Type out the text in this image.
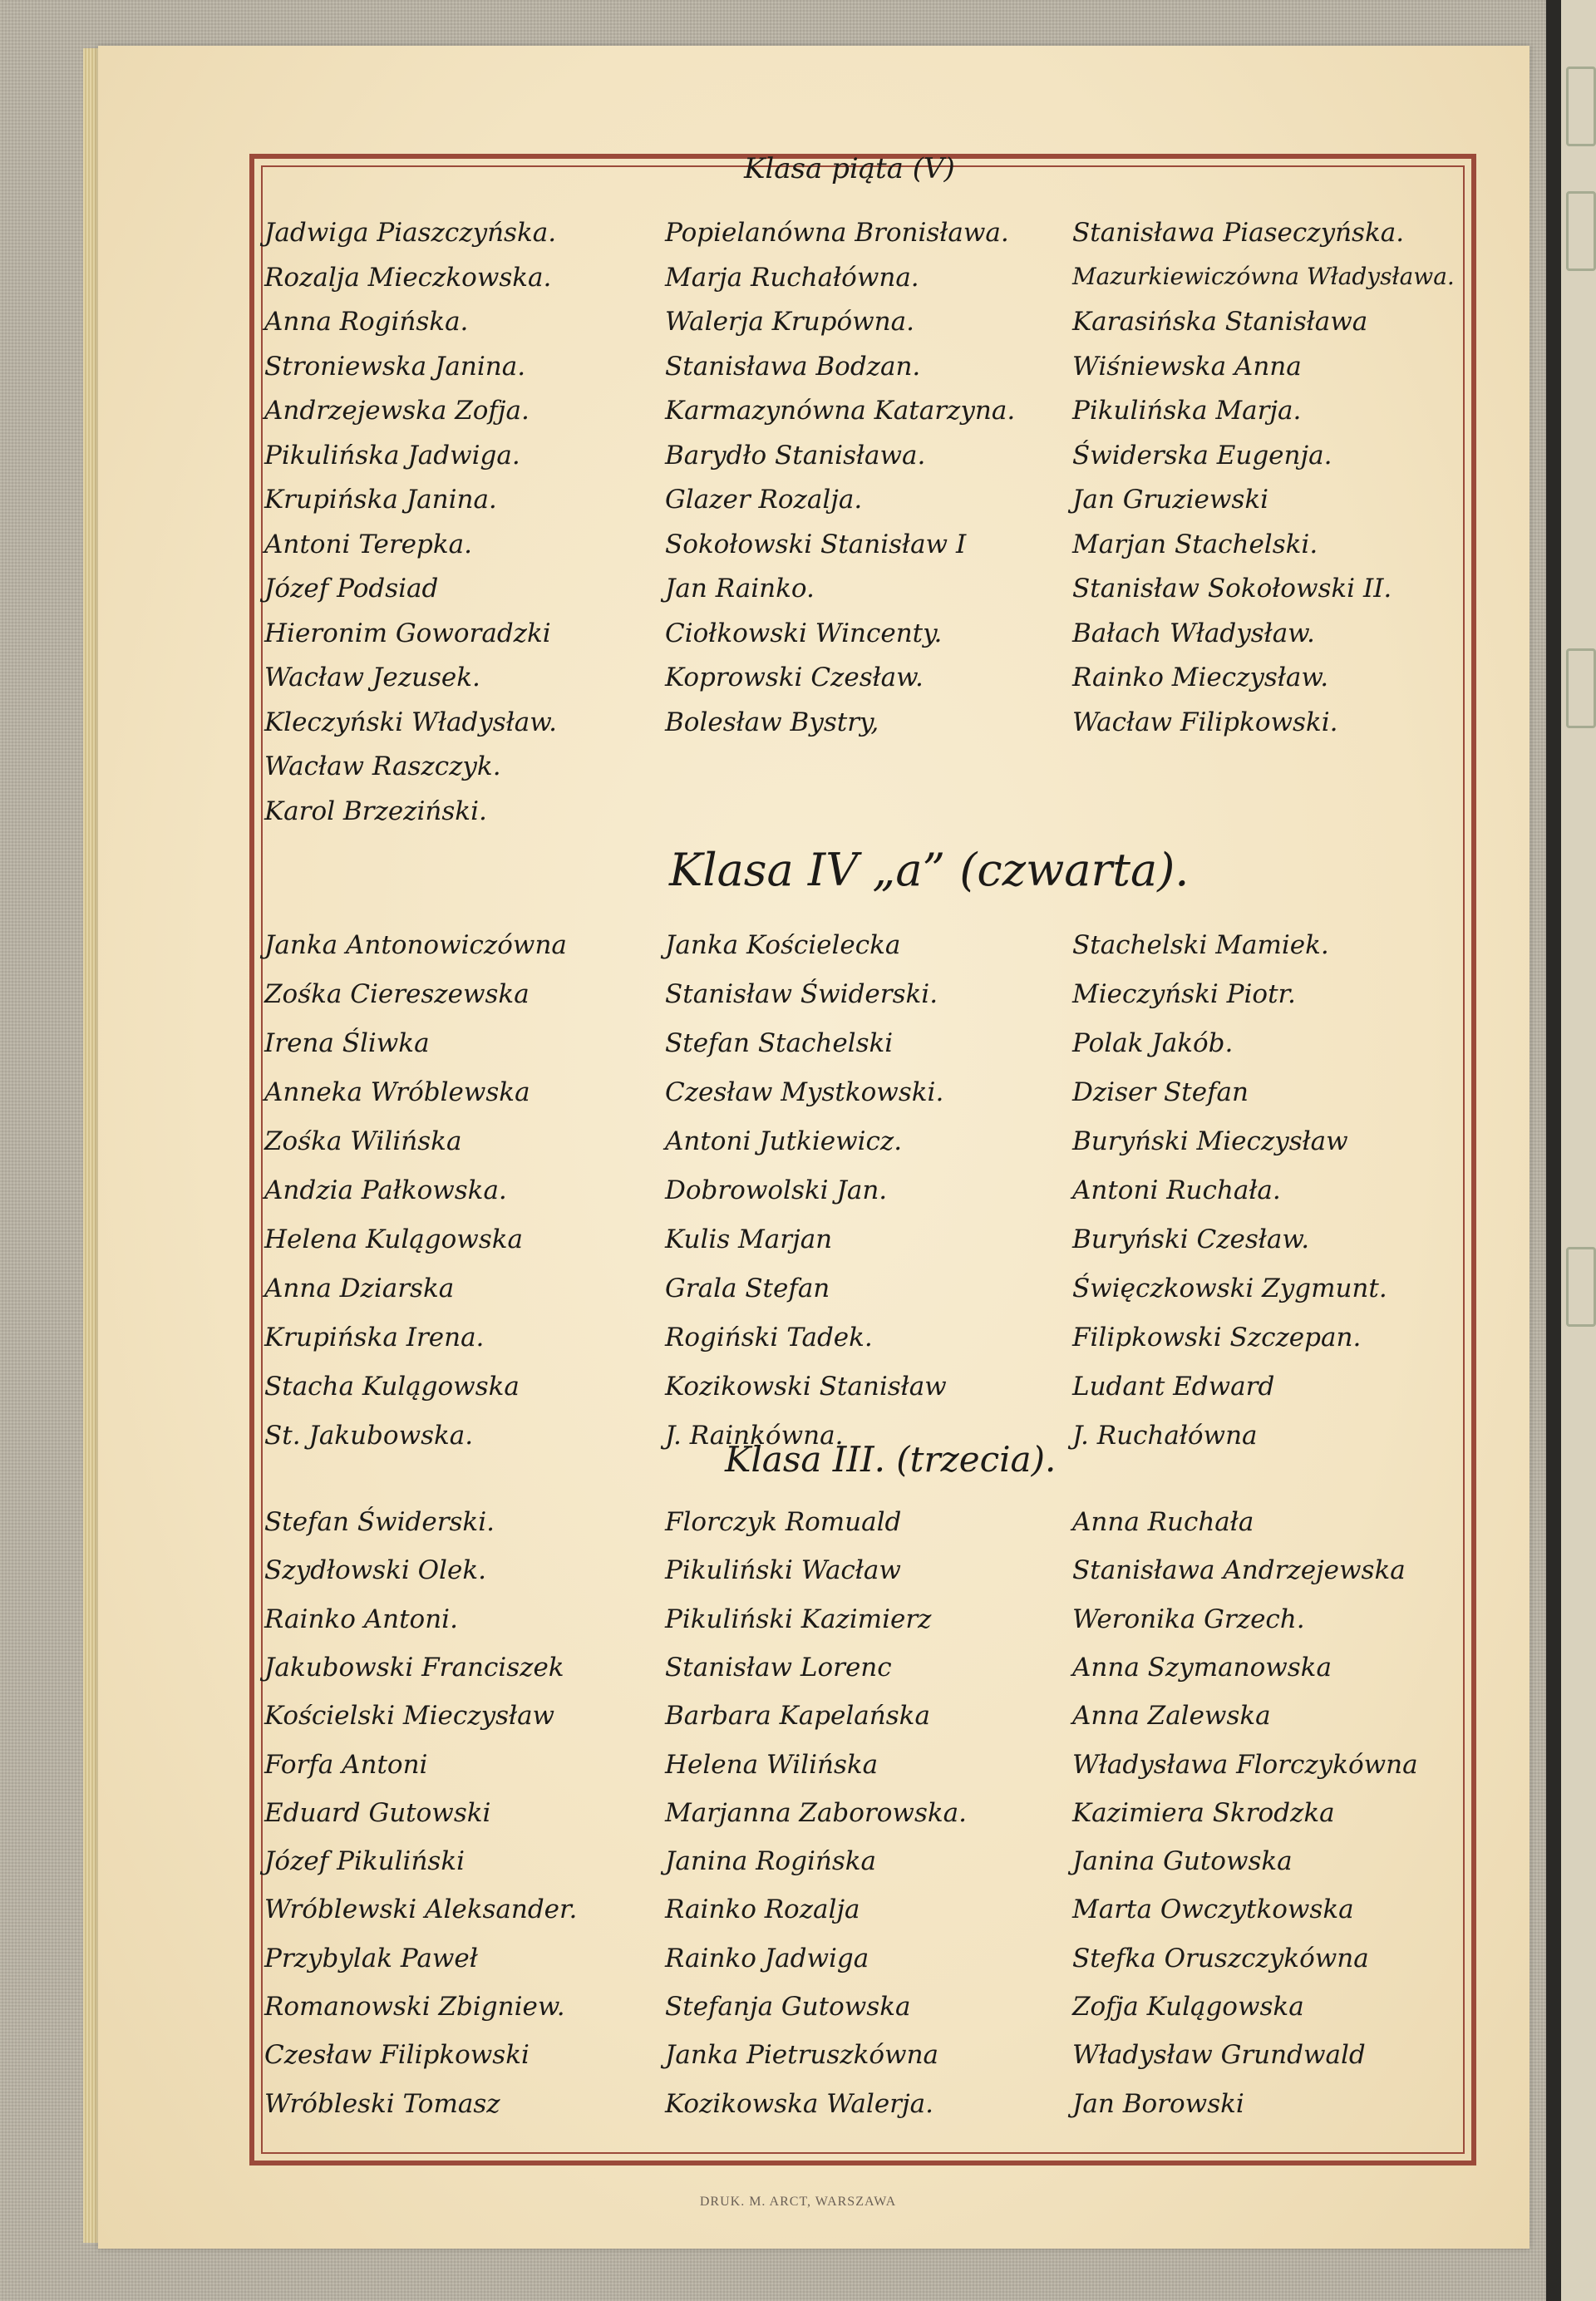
Klasa piąta (V)
Klasa IV „a” (czwarta).
Klasa III. (trzecia).
Jadwiga Piaszczyńska.
Rozalja Mieczkowska.
Anna Rogińska.
Stroniewska Janina.
Andrzejewska Zofja.
Pikulińska Jadwiga.
Krupińska Janina.
Antoni Terepka.
Józef Podsiad
Hieronim Goworadzki
Wacław Jezusek.
Kleczyński Władysław.
Wacław Raszczyk.
Karol Brzeziński.
Popielanówna Bronisława.
Marja Ruchałówna.
Walerja Krupówna.
Stanisława Bodzan.
Karmazynówna Katarzyna.
Barydło Stanisława.
Glazer Rozalja.
Sokołowski Stanisław I
Jan Rainko.
Ciołkowski Wincenty.
Koprowski Czesław.
Bolesław Bystry,
Stanisława Piaseczyńska.
Mazurkiewiczówna Władysława.
Karasińska Stanisława
Wiśniewska Anna
Pikulińska Marja.
Świderska Eugenja.
Jan Gruziewski
Marjan Stachelski.
Stanisław Sokołowski II.
Bałach Władysław.
Rainko Mieczysław.
Wacław Filipkowski.
Janka Antonowiczówna
Zośka Ciereszewska
Irena Śliwka
Anneka Wróblewska
Zośka Wilińska
Andzia Pałkowska.
Helena Kulągowska
Anna Dziarska
Krupińska Irena.
Stacha Kulągowska
St. Jakubowska.
Janka Kościelecka
Stanisław Świderski.
Stefan Stachelski
Czesław Mystkowski.
Antoni Jutkiewicz.
Dobrowolski Jan.
Kulis Marjan
Grala Stefan
Rogiński Tadek.
Kozikowski Stanisław
J. Rainkówna.
Stachelski Mamiek.
Mieczyński Piotr.
Polak Jakób.
Dziser Stefan
Buryński Mieczysław
Antoni Ruchała.
Buryński Czesław.
Święczkowski Zygmunt.
Filipkowski Szczepan.
Ludant Edward
J. Ruchałówna
Stefan Świderski.
Szydłowski Olek.
Rainko Antoni.
Jakubowski Franciszek
Kościelski Mieczysław
Forfa Antoni
Eduard Gutowski
Józef Pikuliński
Wróblewski Aleksander.
Przybylak Paweł
Romanowski Zbigniew.
Czesław Filipkowski
Wróbleski Tomasz
Florczyk Romuald
Pikuliński Wacław
Pikuliński Kazimierz
Stanisław Lorenc
Barbara Kapelańska
Helena Wilińska
Marjanna Zaborowska.
Janina Rogińska
Rainko Rozalja
Rainko Jadwiga
Stefanja Gutowska
Janka Pietruszkówna
Kozikowska Walerja.
Anna Ruchała
Stanisława Andrzejewska
Weronika Grzech.
Anna Szymanowska
Anna Zalewska
Władysława Florczykówna
Kazimiera Skrodzka
Janina Gutowska
Marta Owczytkowska
Stefka Oruszczykówna
Zofja Kulągowska
Władysław Grundwald
Jan Borowski
DRUK. M. ARCT, WARSZAWA
